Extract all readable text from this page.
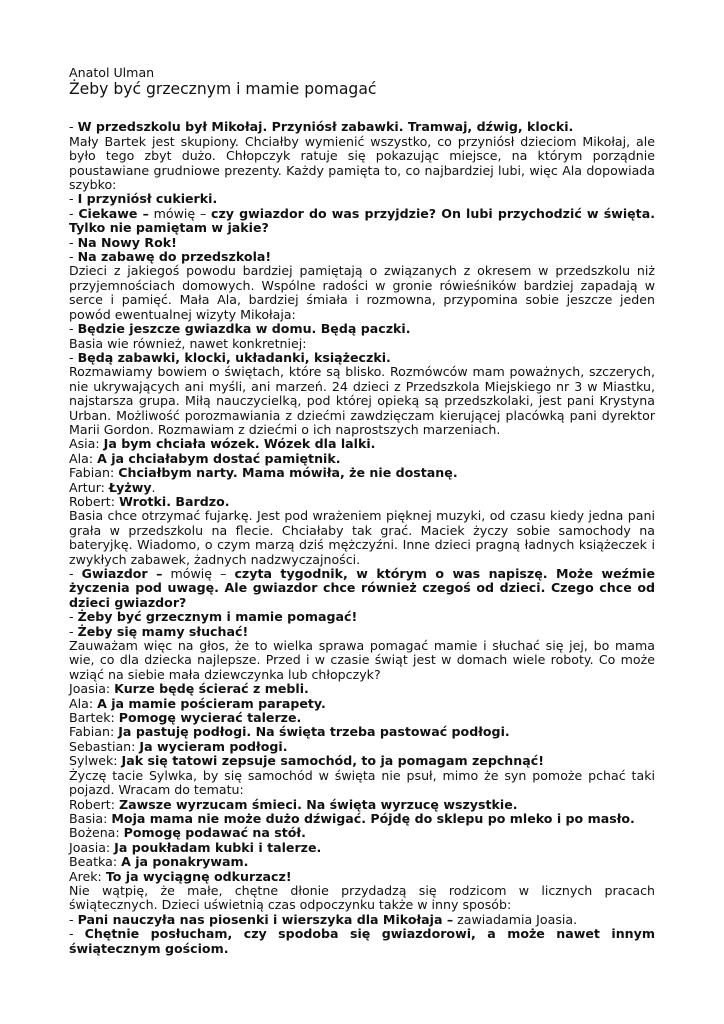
Anatol Ulman

Żeby być grzecznym i mamie pomagać

- W przedszkolu był Mikołaj. Przyniósł zabawki. Tramwaj, dźwig, klocki.

Mały Bartek jest skupiony. Chciałby wymienić wszystko, co przyniósł dzieciom Mikołaj, ale było tego zbyt dużo. Chłopczyk ratuje się pokazując miejsce, na którym porządnie poustawiane grudniowe prezenty. Każdy pamięta to, co najbardziej lubi, więc Ala dopowiada szybko:

- I przyniósł cukierki.

- Ciekawe – mówię – czy gwiazdor do was przyjdzie? On lubi przychodzić w święta. Tylko nie pamiętam w jakie?

- Na Nowy Rok!

- Na zabawę do przedszkola!

Dzieci z jakiegoś powodu bardziej pamiętają o związanych z okresem w przedszkolu niż przyjemnościach domowych. Wspólne radości w gronie rówieśników bardziej zapadają w serce i pamięć. Mała Ala, bardziej śmiała i rozmowna, przypomina sobie jeszcze jeden powód ewentualnej wizyty Mikołaja:

- Będzie jeszcze gwiazdka w domu. Będą paczki.

Basia wie również, nawet konkretniej:

- Będą zabawki, klocki, układanki, książeczki.

Rozmawiamy bowiem o świętach, które są blisko. Rozmówców mam poważnych, szczerych, nie ukrywających ani myśli, ani marzeń. 24 dzieci z Przedszkola Miejskiego nr 3 w Miastku, najstarsza grupa. Miłą nauczycielką, pod której opieką są przedszkolaki, jest pani Krystyna Urban. Możliwość porozmawiania z dziećmi zawdzięczam kierującej placówką pani dyrektor Marii Gordon. Rozmawiam z dziećmi o ich naprostszych marzeniach.

Asia: Ja bym chciała wózek. Wózek dla lalki.

Ala: A ja chciałabym dostać pamiętnik.

Fabian: Chciałbym narty. Mama mówiła, że nie dostanę.

Artur: Łyżwy.

Robert: Wrotki. Bardzo.

Basia chce otrzymać fujarkę. Jest pod wrażeniem pięknej muzyki, od czasu kiedy jedna pani grała w przedszkolu na flecie. Chciałaby tak grać. Maciek życzy sobie samochody na bateryjkę. Wiadomo, o czym marzą dziś mężczyźni. Inne dzieci pragną ładnych książeczek i zwykłych zabawek, żadnych nadzwyczajności.

- Gwiazdor – mówię – czyta tygodnik, w którym o was napiszę. Może weźmie życzenia pod uwagę. Ale gwiazdor chce również czegoś od dzieci. Czego chce od dzieci gwiazdor?

- Żeby być grzecznym i mamie pomagać!

- Żeby się mamy słuchać!

Zauważam więc na głos, że to wielka sprawa pomagać mamie i słuchać się jej, bo mama wie, co dla dziecka najlepsze. Przed i w czasie świąt jest w domach wiele roboty. Co może wziąć na siebie mała dziewczynka lub chłopczyk?

Joasia: Kurze będę ścierać z mebli.

Ala: A ja mamie pościeram parapety.

Bartek: Pomogę wycierać talerze.

Fabian: Ja pastuję podłogi. Na święta trzeba pastować podłogi.

Sebastian: Ja wycieram podłogi.

Sylwek: Jak się tatowi zepsuje samochód, to ja pomagam zepchnąć!

Życzę tacie Sylwka, by się samochód w święta nie psuł, mimo że syn pomoże pchać taki pojazd. Wracam do tematu:

Robert: Zawsze wyrzucam śmieci. Na święta wyrzucę wszystkie.

Basia: Moja mama nie może dużo dźwigać. Pójdę do sklepu po mleko i po masło.

Bożena: Pomogę podawać na stół.

Joasia: Ja poukładam kubki i talerze.

Beatka: A ja ponakrywam.

Arek: To ja wyciągnę odkurzacz!

Nie wątpię, że małe, chętne dłonie przydadzą się rodzicom w licznych pracach świątecznych. Dzieci uświetnią czas odpoczynku także w inny sposób:

- Pani nauczyła nas piosenki i wierszyka dla Mikołaja – zawiadamia Joasia.

- Chętnie posłucham, czy spodoba się gwiazdorowi, a może nawet innym świątecznym gościom.
